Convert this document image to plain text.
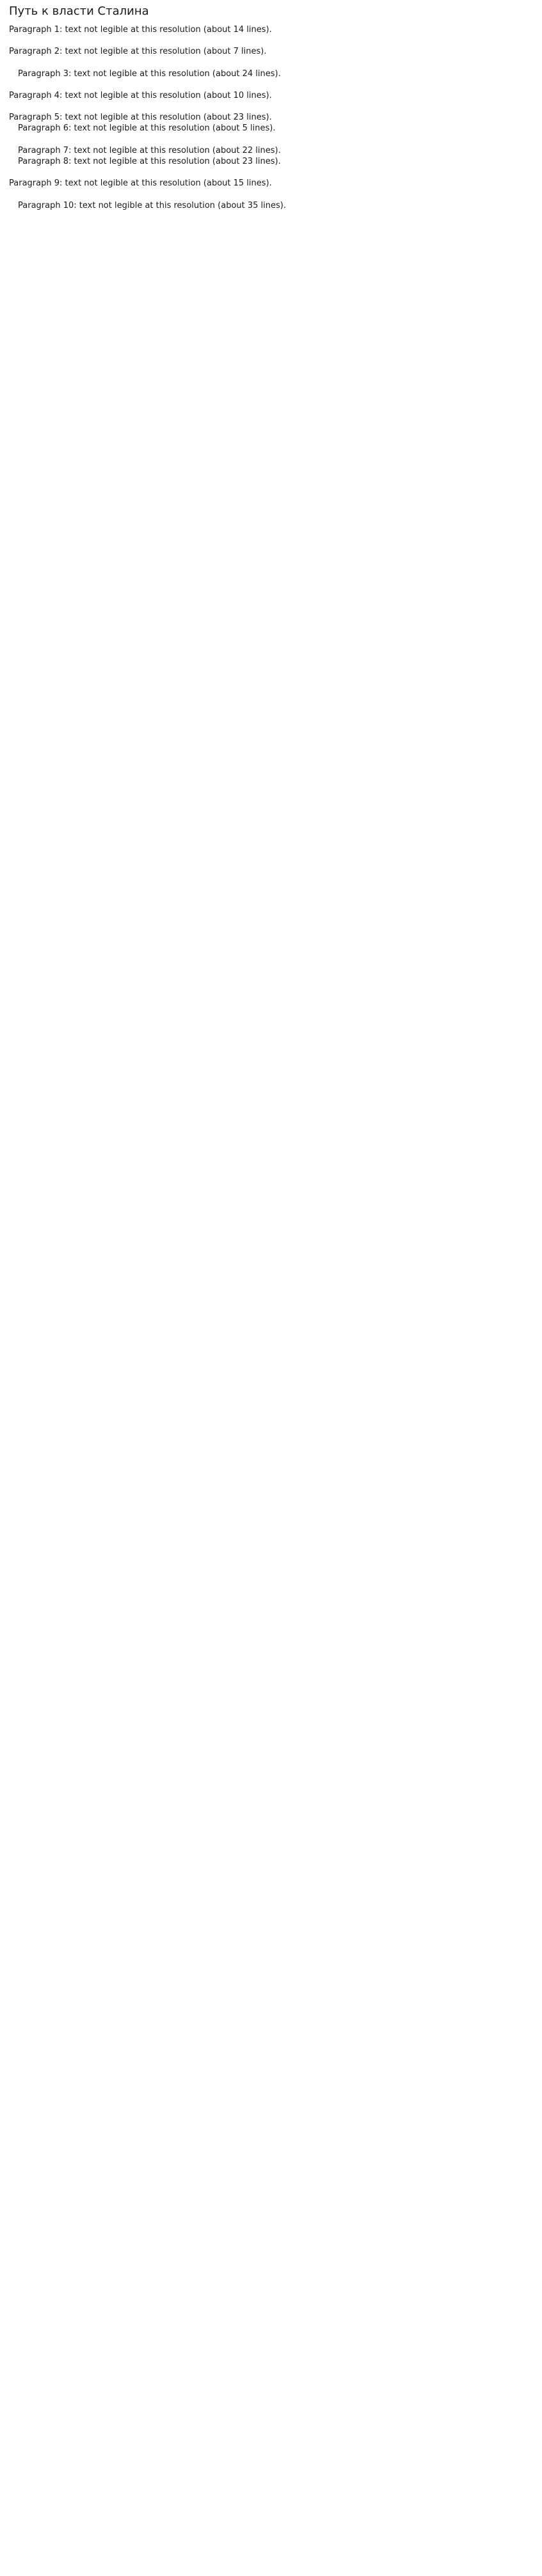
Путь к власти Сталина

Paragraph 1: text not legible at this resolution (about 14 lines).

Paragraph 2: text not legible at this resolution (about 7 lines).

Paragraph 3: text not legible at this resolution (about 24 lines).

Paragraph 4: text not legible at this resolution (about 10 lines).

Paragraph 5: text not legible at this resolution (about 23 lines).

Paragraph 6: text not legible at this resolution (about 5 lines).

Paragraph 7: text not legible at this resolution (about 22 lines).

Paragraph 8: text not legible at this resolution (about 23 lines).

Paragraph 9: text not legible at this resolution (about 15 lines).

Paragraph 10: text not legible at this resolution (about 35 lines).
